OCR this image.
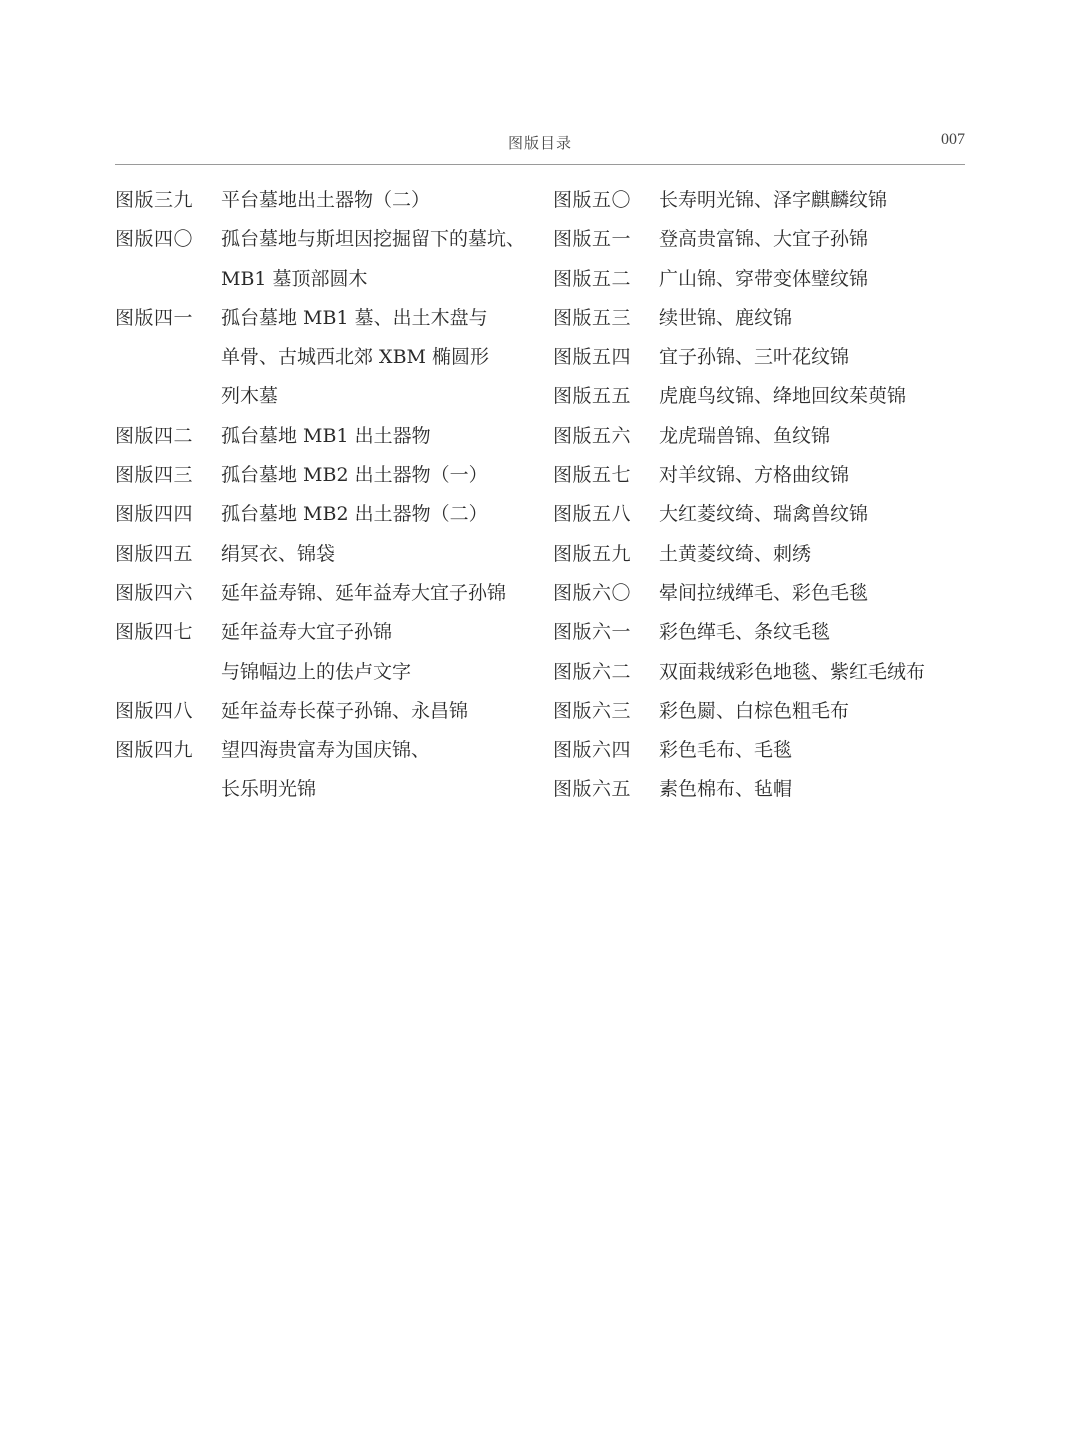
图版目录	007
图版三九	平台墓地出土器物（二）
图版四〇	孤台墓地与斯坦因挖掘留下的墓坑、
MB1 墓顶部圆木
图版四一	孤台墓地 MB1 墓、出土木盘与
单骨、古城西北郊 XBM 椭圆形
列木墓
图版四二	孤台墓地 MB1 出土器物
图版四三	孤台墓地 MB2 出土器物（一）
图版四四	孤台墓地 MB2 出土器物（二）
图版四五	绢冥衣、锦袋
图版四六	延年益寿锦、延年益寿大宜子孙锦
图版四七	延年益寿大宜子孙锦
与锦幅边上的佉卢文字
图版四八	延年益寿长葆子孙锦、永昌锦
图版四九	望四海贵富寿为国庆锦、
长乐明光锦
图版五〇	长寿明光锦、泽字麒麟纹锦
图版五一	登高贵富锦、大宜子孙锦
图版五二	广山锦、穿带变体璧纹锦
图版五三	续世锦、鹿纹锦
图版五四	宜子孙锦、三叶花纹锦
图版五五	虎鹿鸟纹锦、绛地回纹茱萸锦
图版五六	龙虎瑞兽锦、鱼纹锦
图版五七	对羊纹锦、方格曲纹锦
图版五八	大红菱纹绮、瑞禽兽纹锦
图版五九	土黄菱纹绮、刺绣
图版六〇	晕间拉绒缂毛、彩色毛毯
图版六一	彩色缂毛、条纹毛毯
图版六二	双面栽绒彩色地毯、紫红毛绒布
图版六三	彩色罽、白棕色粗毛布
图版六四	彩色毛布、毛毯
图版六五	素色棉布、毡帽
